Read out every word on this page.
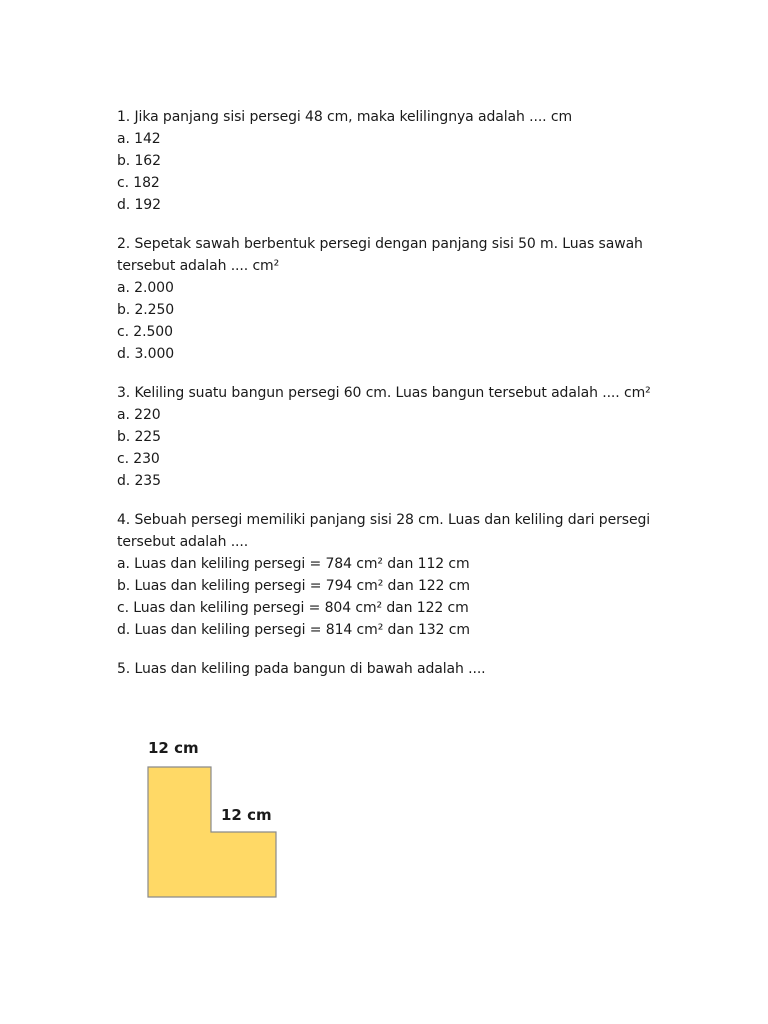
1. Jika panjang sisi persegi 48 cm, maka kelilingnya adalah .... cm
a. 142
b. 162
c. 182
d. 192
2. Sepetak sawah berbentuk persegi dengan panjang sisi 50 m. Luas sawah tersebut adalah .... cm²
a. 2.000
b. 2.250
c. 2.500
d. 3.000
3. Keliling suatu bangun persegi 60 cm. Luas bangun tersebut adalah .... cm²
a. 220
b. 225
c. 230
d. 235
4. Sebuah persegi memiliki panjang sisi 28 cm. Luas dan keliling dari persegi tersebut adalah ....
a. Luas dan keliling persegi = 784 cm² dan 112 cm
b. Luas dan keliling persegi = 794 cm² dan 122 cm
c. Luas dan keliling persegi = 804 cm² dan 122 cm
d. Luas dan keliling persegi = 814 cm² dan 132 cm
5. Luas dan keliling pada bangun di bawah adalah ....
12 cm
12 cm
